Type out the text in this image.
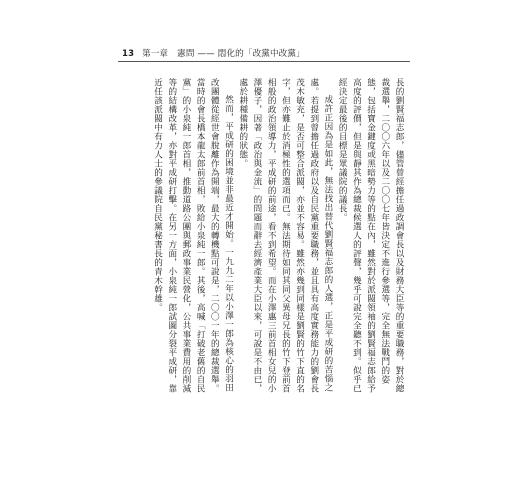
13 第一章 憲問 —— 悶化的「改黨中改黨」

長的劉賢福志郎，儘管曾經擔任過政調會長以及財務大臣等的重要職務，對於總裁選舉，二〇〇六年以及二〇〇七年皆決定不進行參選等，完全無法戰鬥的姿態，包括寶金鍵度或黑暗勢力等的點在內，雖然對於派閥領袖的劉賢福志郎給予高度的評價，但是與靜其作為總裁候選人的評聲，幾乎可說完全聽不到。似乎已經決定最後的目標是眾議院的議長。

成許正因為是如此，無法找出替代劉賢福志郎的人選，正是平成研的苦惱之處。若提到曾擔任過政府以及自民黨重要職務，並且具有高度實務能力的劉會長茂木敏充，是否可整合派閥，亦並不容易。雖然亦幾到同樣是劉賢的竹下直的名字，但亦難止於消極性的選項而已。無法期待如同其同父異母兄長的竹下登前首相般的政治領導力，平成研的前途，看不到希望。而在小澤惠三前首相女兒的小澤優子，因著「政治與金流」的問題而辭去經濟產業大臣以來，可說是不由已，處於耕種備耕的狀態。

然而，平成研的困境並非最近才開始。一九九二年以小澤一郎為核心的羽田改團體從經世會脫離作為開端，最大的轉機點可說是，二〇〇一年的總裁選舉。當時的會長橋本龍太郎前首相，敗給小泉純一郎。其後，高喊「打破老舊的自民黨」的小泉純一郎首相，推動道路公團與郵政事業民營化，公共事業費用的削減等的結構改革，亦對平成研打擊。在另一方面，小泉純一郎試圖分裂平成研，靠近任該派閥中有力人士的參議院自民黨秘書長的青木幹雄。
